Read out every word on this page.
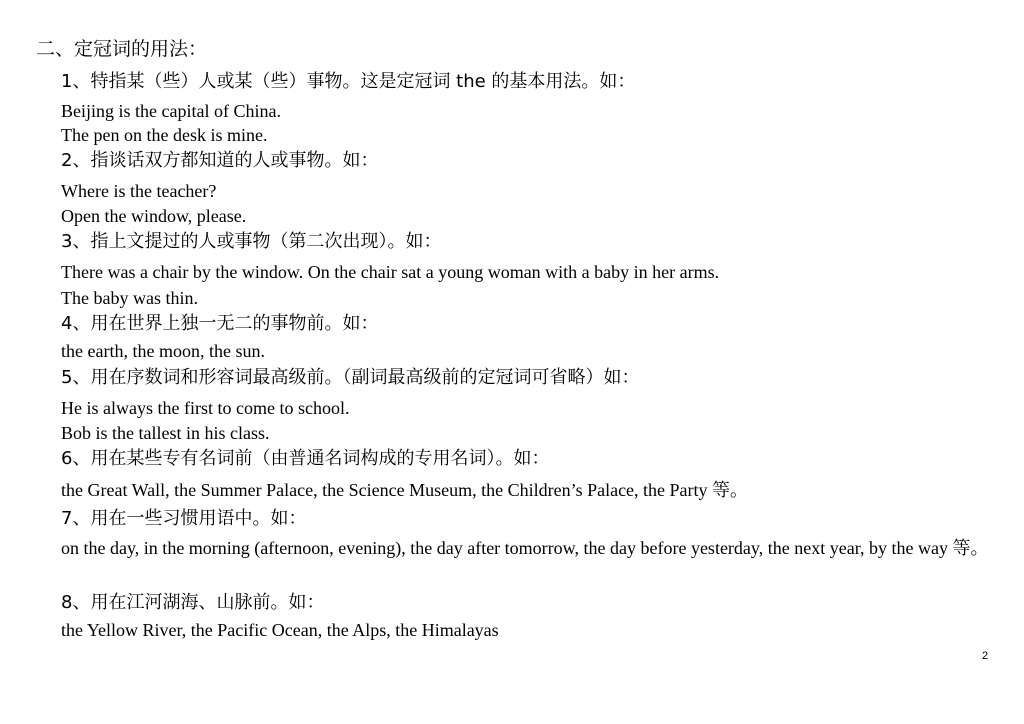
二、定冠词的用法：
1、特指某（些）人或某（些）事物。这是定冠词 the 的基本用法。如：
Beijing is the capital of China.
The pen on the desk is mine.
2、指谈话双方都知道的人或事物。如：
Where is the teacher?
Open the window, please.
3、指上文提过的人或事物（第二次出现）。如：
There was a chair by the window. On the chair sat a young woman with a baby in her arms.
The baby was thin.
4、用在世界上独一无二的事物前。如：
the earth, the moon, the sun.
5、用在序数词和形容词最高级前。（副词最高级前的定冠词可省略）如：
He is always the first to come to school.
Bob is the tallest in his class.
6、用在某些专有名词前（由普通名词构成的专用名词）。如：
the Great Wall, the Summer Palace, the Science Museum, the Children’s Palace, the Party 等。
7、用在一些习惯用语中。如：
on the day, in the morning (afternoon, evening), the day after tomorrow, the day before yesterday, the next year, by the way 等。
8、用在江河湖海、山脉前。如：
the Yellow River, the Pacific Ocean, the Alps, the Himalayas
2
